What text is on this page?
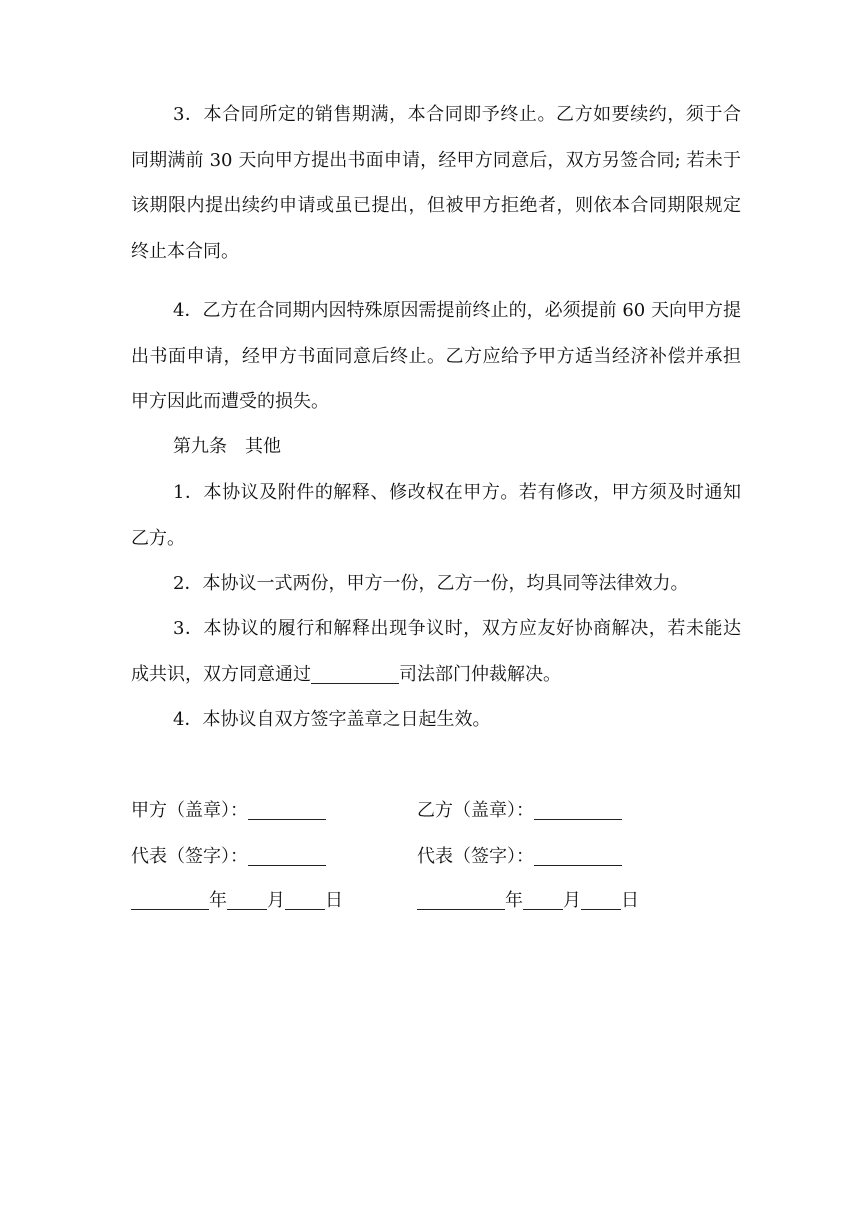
3．本合同所定的销售期满，本合同即予终止。乙方如要续约，须于合同期满前 30 天向甲方提出书面申请，经甲方同意后，双方另签合同; 若未于该期限内提出续约申请或虽已提出，但被甲方拒绝者，则依本合同期限规定终止本合同。

4．乙方在合同期内因特殊原因需提前终止的，必须提前 60 天向甲方提出书面申请，经甲方书面同意后终止。乙方应给予甲方适当经济补偿并承担甲方因此而遭受的损失。

第九条　其他

1．本协议及附件的解释、修改权在甲方。若有修改，甲方须及时通知乙方。

2．本协议一式两份，甲方一份，乙方一份，均具同等法律效力。

3．本协议的履行和解释出现争议时，双方应友好协商解决，若未能达成共识，双方同意通过	司法部门仲裁解决。

4．本协议自双方签字盖章之日起生效。

甲方（盖章）：	乙方（盖章）：
代表（签字）：	代表（签字）：
年 月 日	年 月 日
